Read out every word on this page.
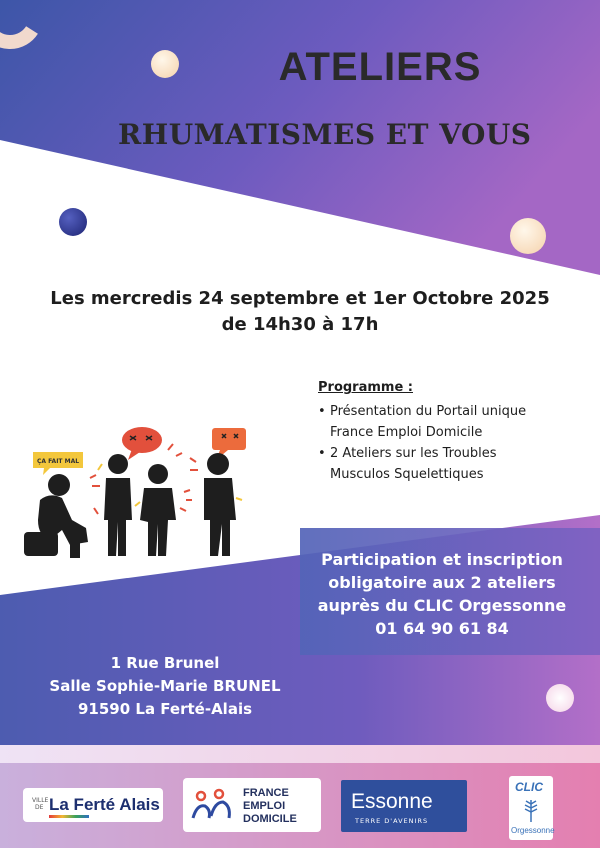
ÇA FAIT MAL
ATELIERS
RHUMATISMES ET VOUS
Les mercredis 24 septembre et 1er Octobre 2025
de 14h30 à 17h
Programme :
• Présentation du Portail unique
France Emploi Domicile
• 2 Ateliers sur les Troubles
Musculos Squelettiques
Participation et inscription
obligatoire aux 2 ateliers
auprès du CLIC Orgessonne
01 64 90 61 84
1 Rue Brunel
Salle Sophie-Marie BRUNEL
91590 La Ferté-Alais
VILLE
DE La Ferté Alais
FRANCE
EMPLOI
DOMICILE
Essonne
TERRE D'AVENIRS
CLIC
Orgessonne
